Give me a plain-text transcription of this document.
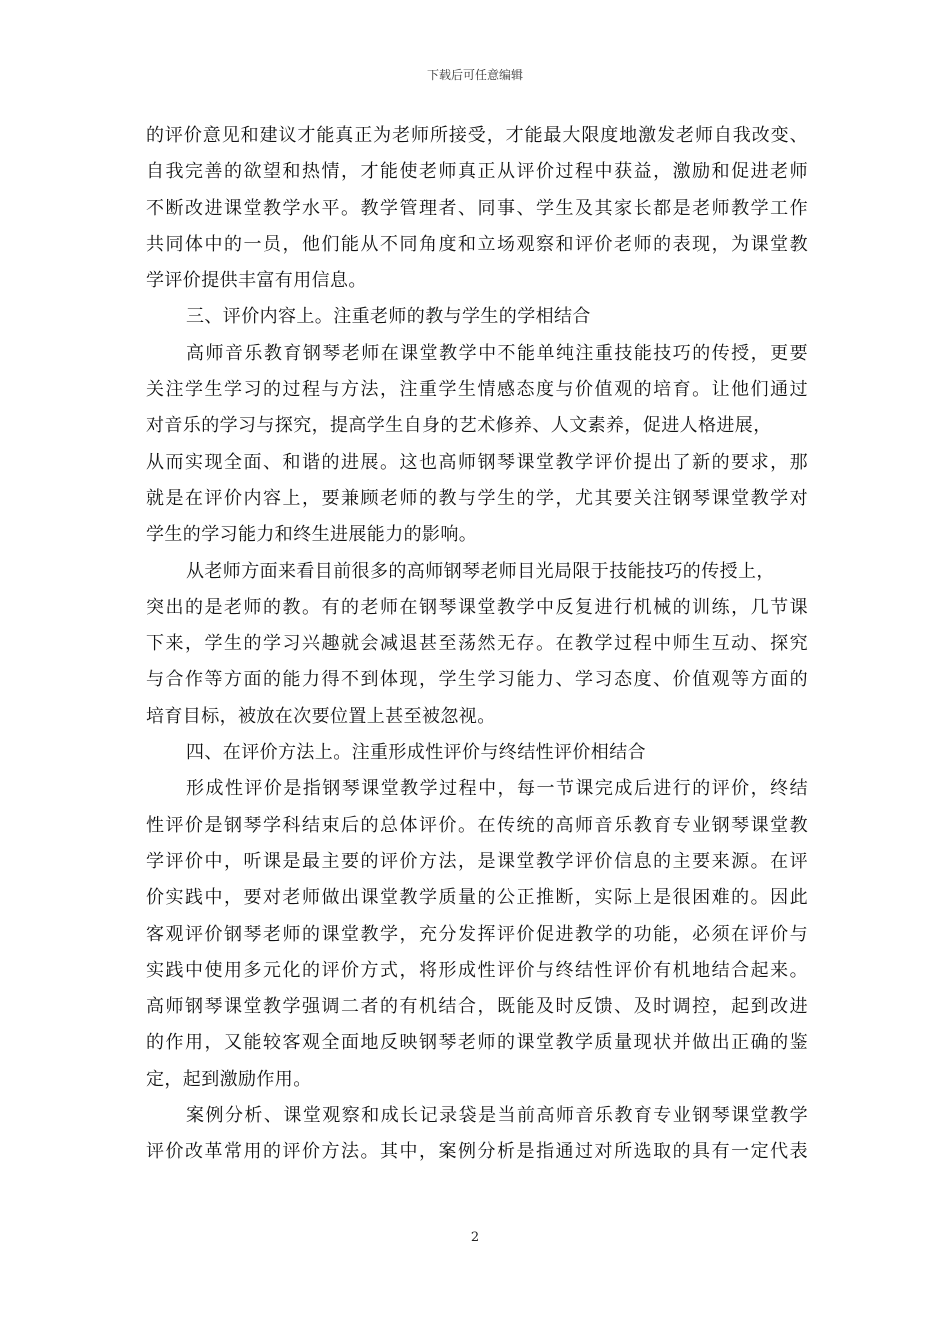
下载后可任意编辑
的评价意见和建议才能真正为老师所接受，才能最大限度地激发老师自我改变、
自我完善的欲望和热情，才能使老师真正从评价过程中获益，激励和促进老师
不断改进课堂教学水平。教学管理者、同事、学生及其家长都是老师教学工作
共同体中的一员，他们能从不同角度和立场观察和评价老师的表现，为课堂教
学评价提供丰富有用信息。
三、评价内容上。注重老师的教与学生的学相结合
高师音乐教育钢琴老师在课堂教学中不能单纯注重技能技巧的传授，更要
关注学生学习的过程与方法，注重学生情感态度与价值观的培育。让他们通过
对音乐的学习与探究，提高学生自身的艺术修养、人文素养，促进人格进展，
从而实现全面、和谐的进展。这也高师钢琴课堂教学评价提出了新的要求，那
就是在评价内容上，要兼顾老师的教与学生的学，尤其要关注钢琴课堂教学对
学生的学习能力和终生进展能力的影响。
从老师方面来看目前很多的高师钢琴老师目光局限于技能技巧的传授上，
突出的是老师的教。有的老师在钢琴课堂教学中反复进行机械的训练，几节课
下来，学生的学习兴趣就会减退甚至荡然无存。在教学过程中师生互动、探究
与合作等方面的能力得不到体现，学生学习能力、学习态度、价值观等方面的
培育目标，被放在次要位置上甚至被忽视。
四、在评价方法上。注重形成性评价与终结性评价相结合
形成性评价是指钢琴课堂教学过程中，每一节课完成后进行的评价，终结
性评价是钢琴学科结束后的总体评价。在传统的高师音乐教育专业钢琴课堂教
学评价中，听课是最主要的评价方法，是课堂教学评价信息的主要来源。在评
价实践中，要对老师做出课堂教学质量的公正推断，实际上是很困难的。因此
客观评价钢琴老师的课堂教学，充分发挥评价促进教学的功能，必须在评价与
实践中使用多元化的评价方式，将形成性评价与终结性评价有机地结合起来。
高师钢琴课堂教学强调二者的有机结合，既能及时反馈、及时调控，起到改进
的作用，又能较客观全面地反映钢琴老师的课堂教学质量现状并做出正确的鉴
定，起到激励作用。
案例分析、课堂观察和成长记录袋是当前高师音乐教育专业钢琴课堂教学
评价改革常用的评价方法。其中，案例分析是指通过对所选取的具有一定代表
2
